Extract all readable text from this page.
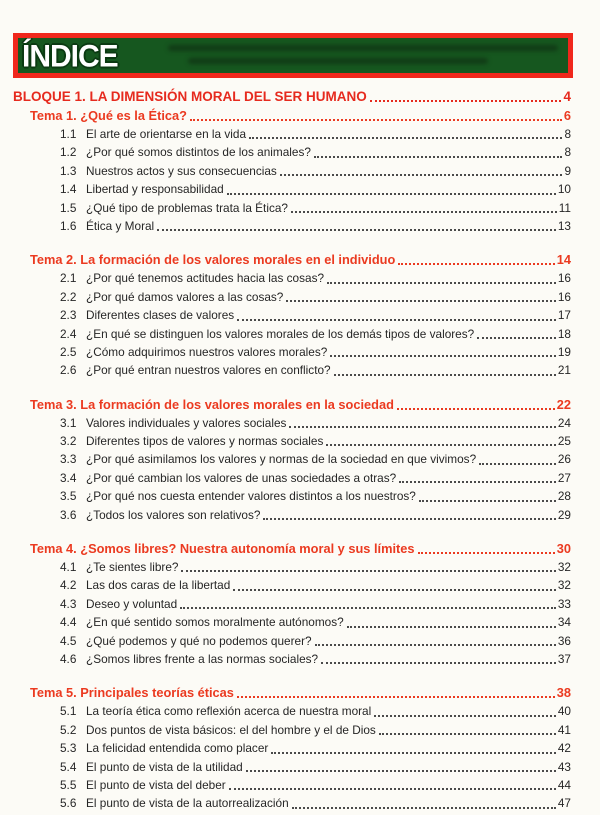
ÍNDICE
BLOQUE 1. LA DIMENSIÓN MORAL DEL SER HUMANO	4
Tema 1. ¿Qué es la Ética?	6
1.1 El arte de orientarse en la vida	8
1.2 ¿Por qué somos distintos de los animales?	8
1.3 Nuestros actos y sus consecuencias	9
1.4 Libertad y responsabilidad	10
1.5 ¿Qué tipo de problemas trata la Ética?	11
1.6 Ética y Moral	13
Tema 2. La formación de los valores morales en el individuo	14
2.1 ¿Por qué tenemos actitudes hacia las cosas?	16
2.2 ¿Por qué damos valores a las cosas?	16
2.3 Diferentes clases de valores	17
2.4 ¿En qué se distinguen los valores morales de los demás tipos de valores?	18
2.5 ¿Cómo adquirimos nuestros valores morales?	19
2.6 ¿Por qué entran nuestros valores en conflicto?	21
Tema 3. La formación de los valores morales en la sociedad	22
3.1 Valores individuales y valores sociales	24
3.2 Diferentes tipos de valores y normas sociales	25
3.3 ¿Por qué asimilamos los valores y normas de la sociedad en que vivimos?	26
3.4 ¿Por qué cambian los valores de unas sociedades a otras?	27
3.5 ¿Por qué nos cuesta entender valores distintos a los nuestros?	28
3.6 ¿Todos los valores son relativos?	29
Tema 4. ¿Somos libres? Nuestra autonomía moral y sus límites	30
4.1 ¿Te sientes libre?	32
4.2 Las dos caras de la libertad	32
4.3 Deseo y voluntad	33
4.4 ¿En qué sentido somos moralmente autónomos?	34
4.5 ¿Qué podemos y qué no podemos querer?	36
4.6 ¿Somos libres frente a las normas sociales?	37
Tema 5. Principales teorías éticas	38
5.1 La teoría ética como reflexión acerca de nuestra moral	40
5.2 Dos puntos de vista básicos: el del hombre y el de Dios	41
5.3 La felicidad entendida como placer	42
5.4 El punto de vista de la utilidad	43
5.5 El punto de vista del deber	44
5.6 El punto de vista de la autorrealización	47
